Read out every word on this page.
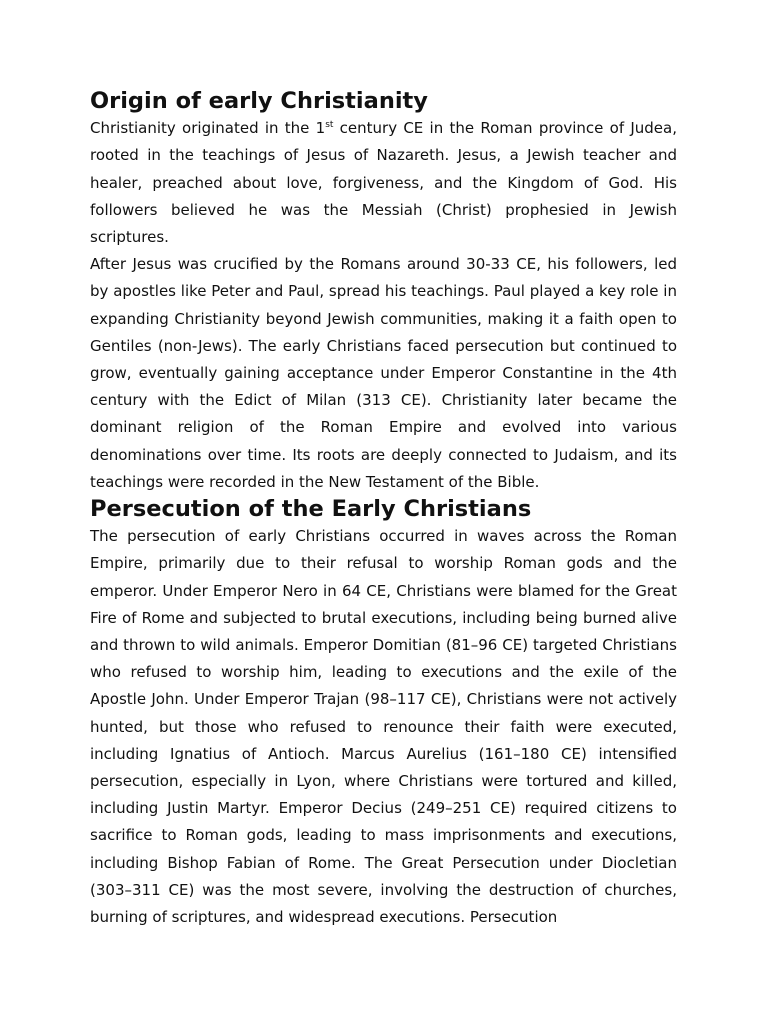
Origin of early Christianity

Christianity originated in the 1st century CE in the Roman province of Judea, rooted in the teachings of Jesus of Nazareth. Jesus, a Jewish teacher and healer, preached about love, forgiveness, and the Kingdom of God. His followers believed he was the Messiah (Christ) prophesied in Jewish scriptures.

After Jesus was crucified by the Romans around 30-33 CE, his followers, led by apostles like Peter and Paul, spread his teachings. Paul played a key role in expanding Christianity beyond Jewish communities, making it a faith open to Gentiles (non-Jews). The early Christians faced persecution but continued to grow, eventually gaining acceptance under Emperor Constantine in the 4th century with the Edict of Milan (313 CE). Christianity later became the dominant religion of the Roman Empire and evolved into various denominations over time. Its roots are deeply connected to Judaism, and its teachings were recorded in the New Testament of the Bible.

Persecution of the Early Christians

The persecution of early Christians occurred in waves across the Roman Empire, primarily due to their refusal to worship Roman gods and the emperor. Under Emperor Nero in 64 CE, Christians were blamed for the Great Fire of Rome and subjected to brutal executions, including being burned alive and thrown to wild animals. Emperor Domitian (81–96 CE) targeted Christians who refused to worship him, leading to executions and the exile of the Apostle John. Under Emperor Trajan (98–117 CE), Christians were not actively hunted, but those who refused to renounce their faith were executed, including Ignatius of Antioch. Marcus Aurelius (161–180 CE) intensified persecution, especially in Lyon, where Christians were tortured and killed, including Justin Martyr. Emperor Decius (249–251 CE) required citizens to sacrifice to Roman gods, leading to mass imprisonments and executions, including Bishop Fabian of Rome. The Great Persecution under Diocletian (303–311 CE) was the most severe, involving the destruction of churches, burning of scriptures, and widespread executions. Persecution
